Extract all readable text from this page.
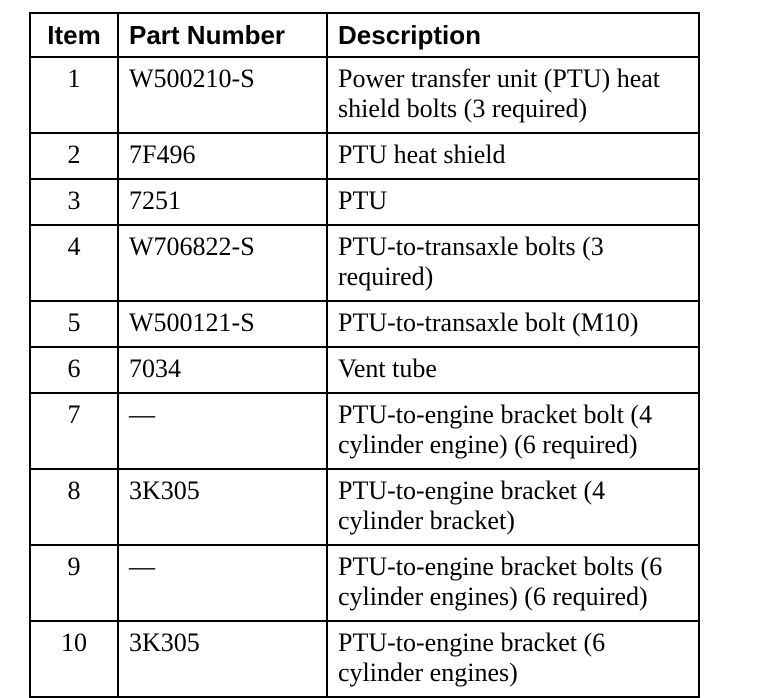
Item	Part Number	Description
1	W500210-S	Power transfer unit (PTU) heat shield bolts (3 required)
2	7F496	PTU heat shield
3	7251	PTU
4	W706822-S	PTU-to-transaxle bolts (3 required)
5	W500121-S	PTU-to-transaxle bolt (M10)
6	7034	Vent tube
7	—	PTU-to-engine bracket bolt (4 cylinder engine) (6 required)
8	3K305	PTU-to-engine bracket (4 cylinder bracket)
9	—	PTU-to-engine bracket bolts (6 cylinder engines) (6 required)
10	3K305	PTU-to-engine bracket (6 cylinder engines)
